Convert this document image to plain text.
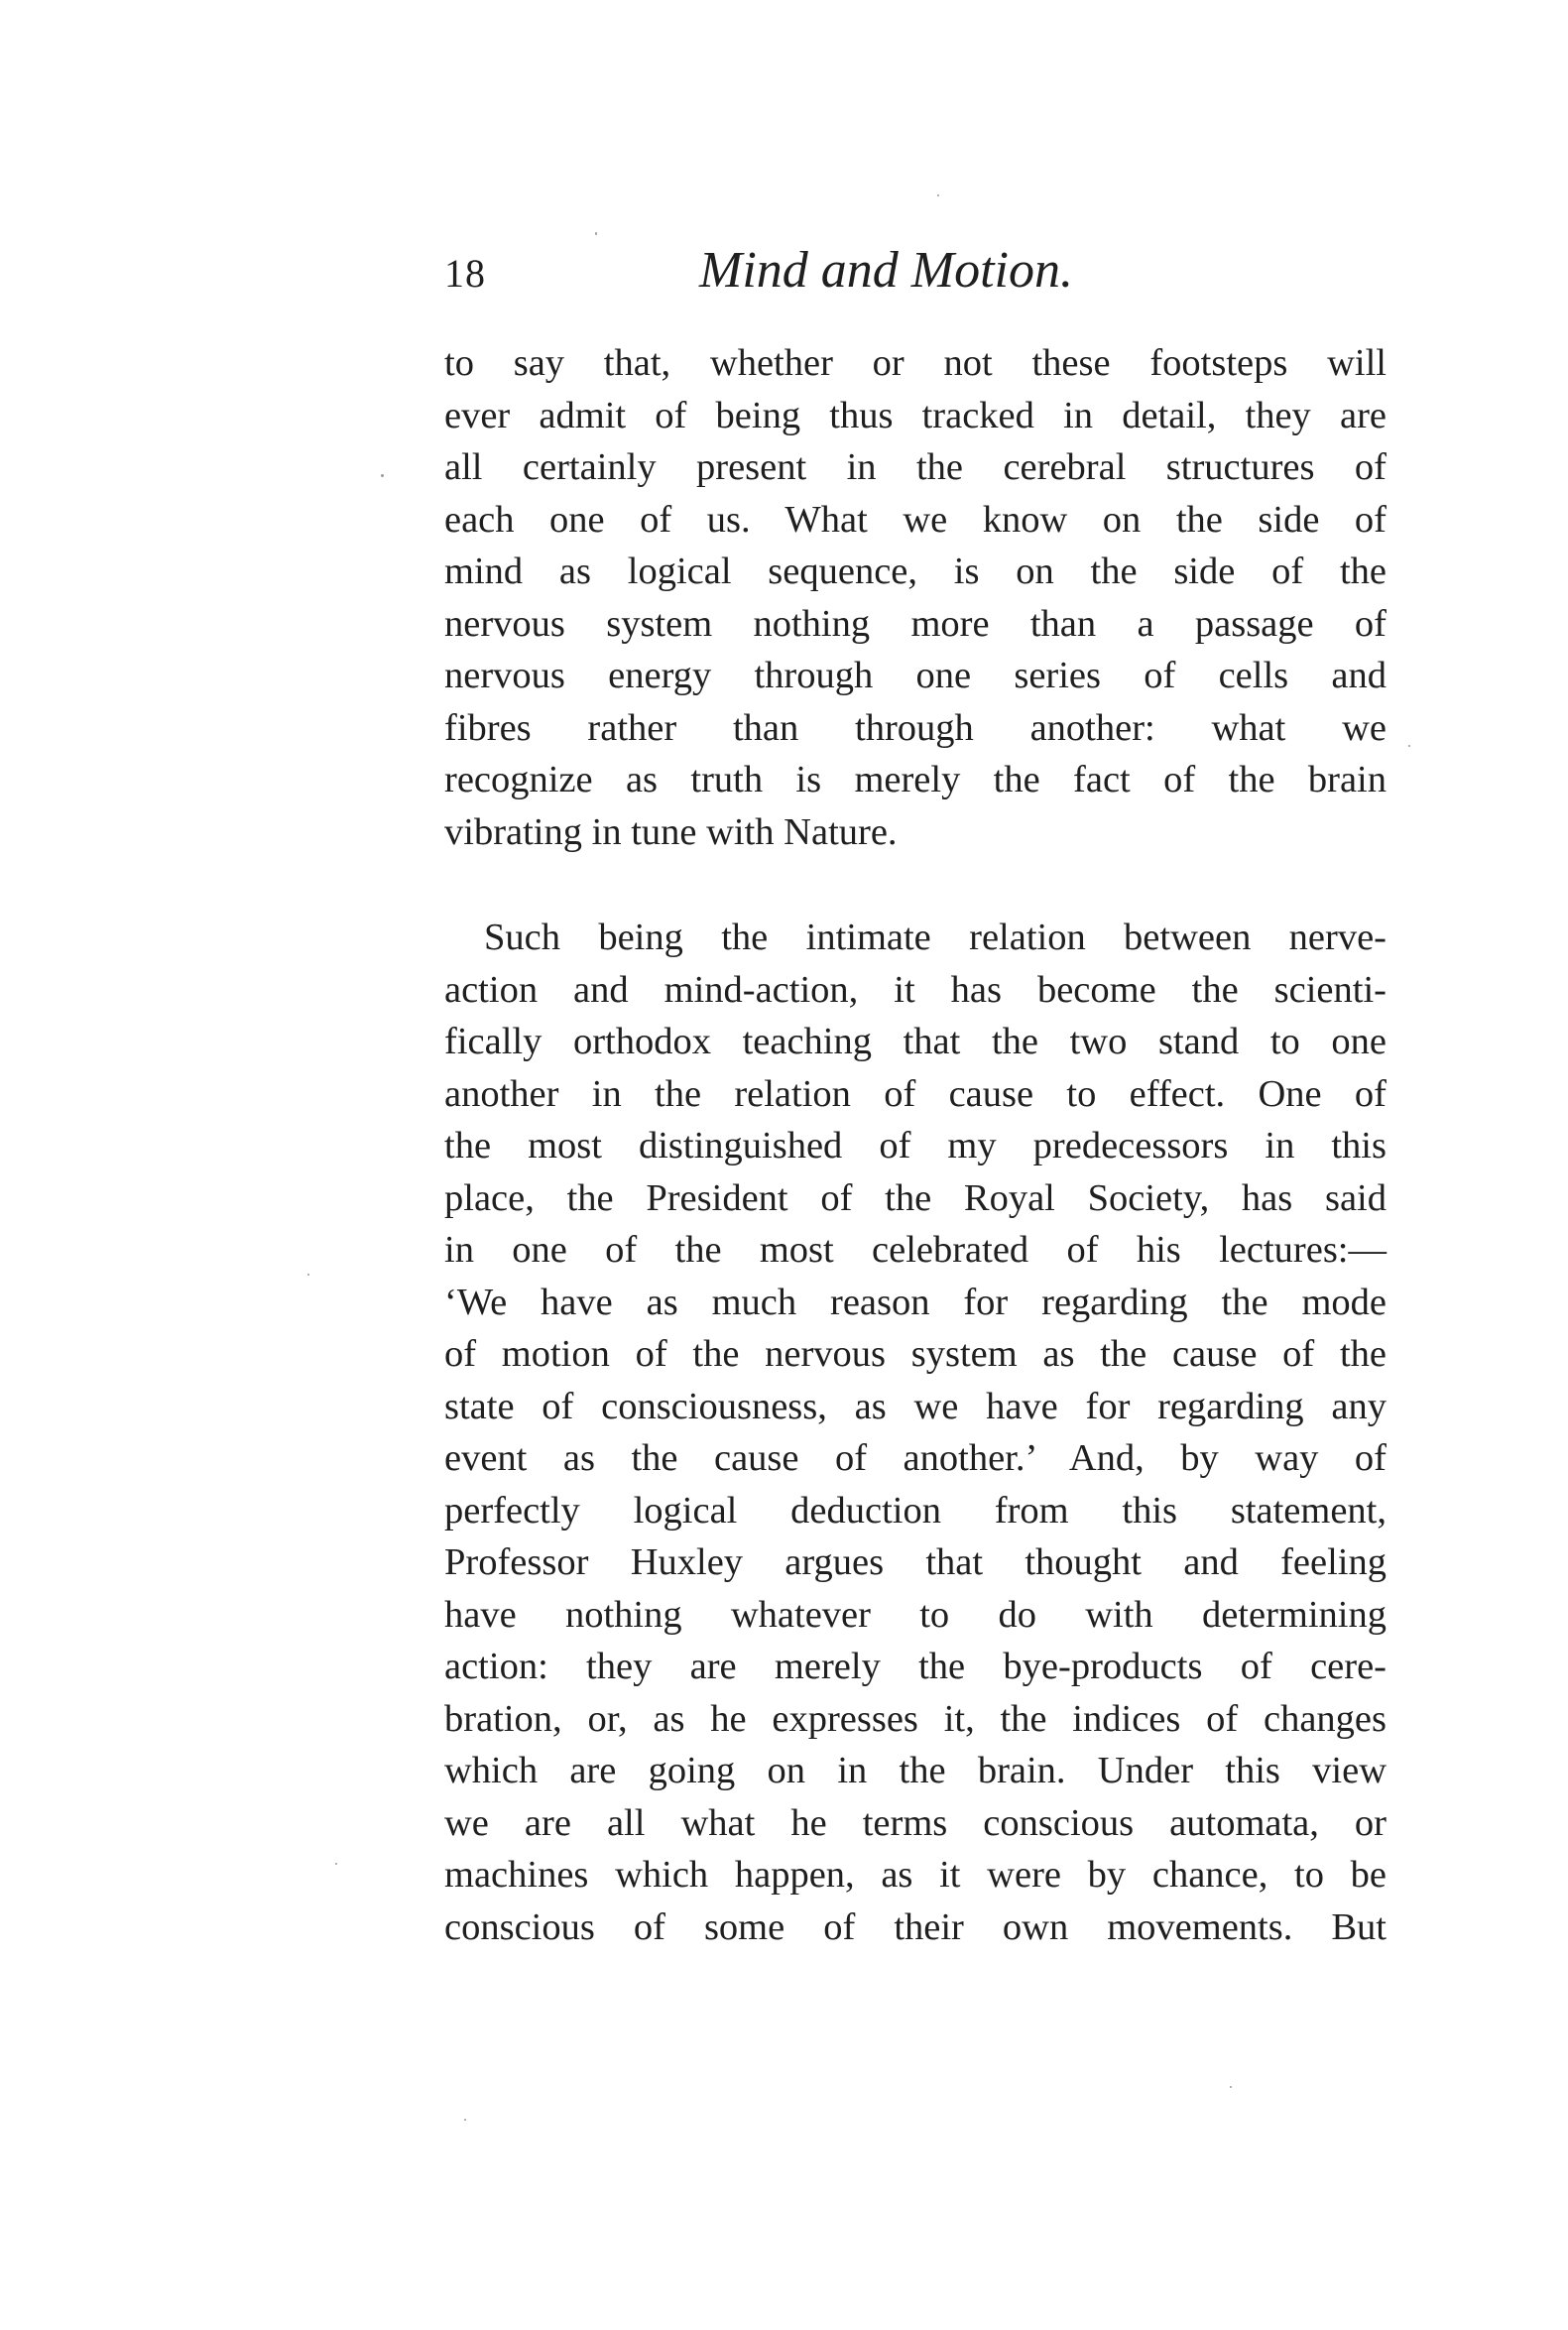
18	Mind and Motion.
to say that, whether or not these footsteps will
ever admit of being thus tracked in detail, they are
all certainly present in the cerebral structures of
each one of us. What we know on the side of
mind as logical sequence, is on the side of the
nervous system nothing more than a passage of
nervous energy through one series of cells and
fibres rather than through another: what we
recognize as truth is merely the fact of the brain
vibrating in tune with Nature.
Such being the intimate relation between nerve-
action and mind-action, it has become the scienti-
fically orthodox teaching that the two stand to one
another in the relation of cause to effect. One of
the most distinguished of my predecessors in this
place, the President of the Royal Society, has said
in one of the most celebrated of his lectures:—
‘We have as much reason for regarding the mode
of motion of the nervous system as the cause of the
state of consciousness, as we have for regarding any
event as the cause of another.’ And, by way of
perfectly logical deduction from this statement,
Professor Huxley argues that thought and feeling
have nothing whatever to do with determining
action: they are merely the bye-products of cere-
bration, or, as he expresses it, the indices of changes
which are going on in the brain. Under this view
we are all what he terms conscious automata, or
machines which happen, as it were by chance, to be
conscious of some of their own movements. But
